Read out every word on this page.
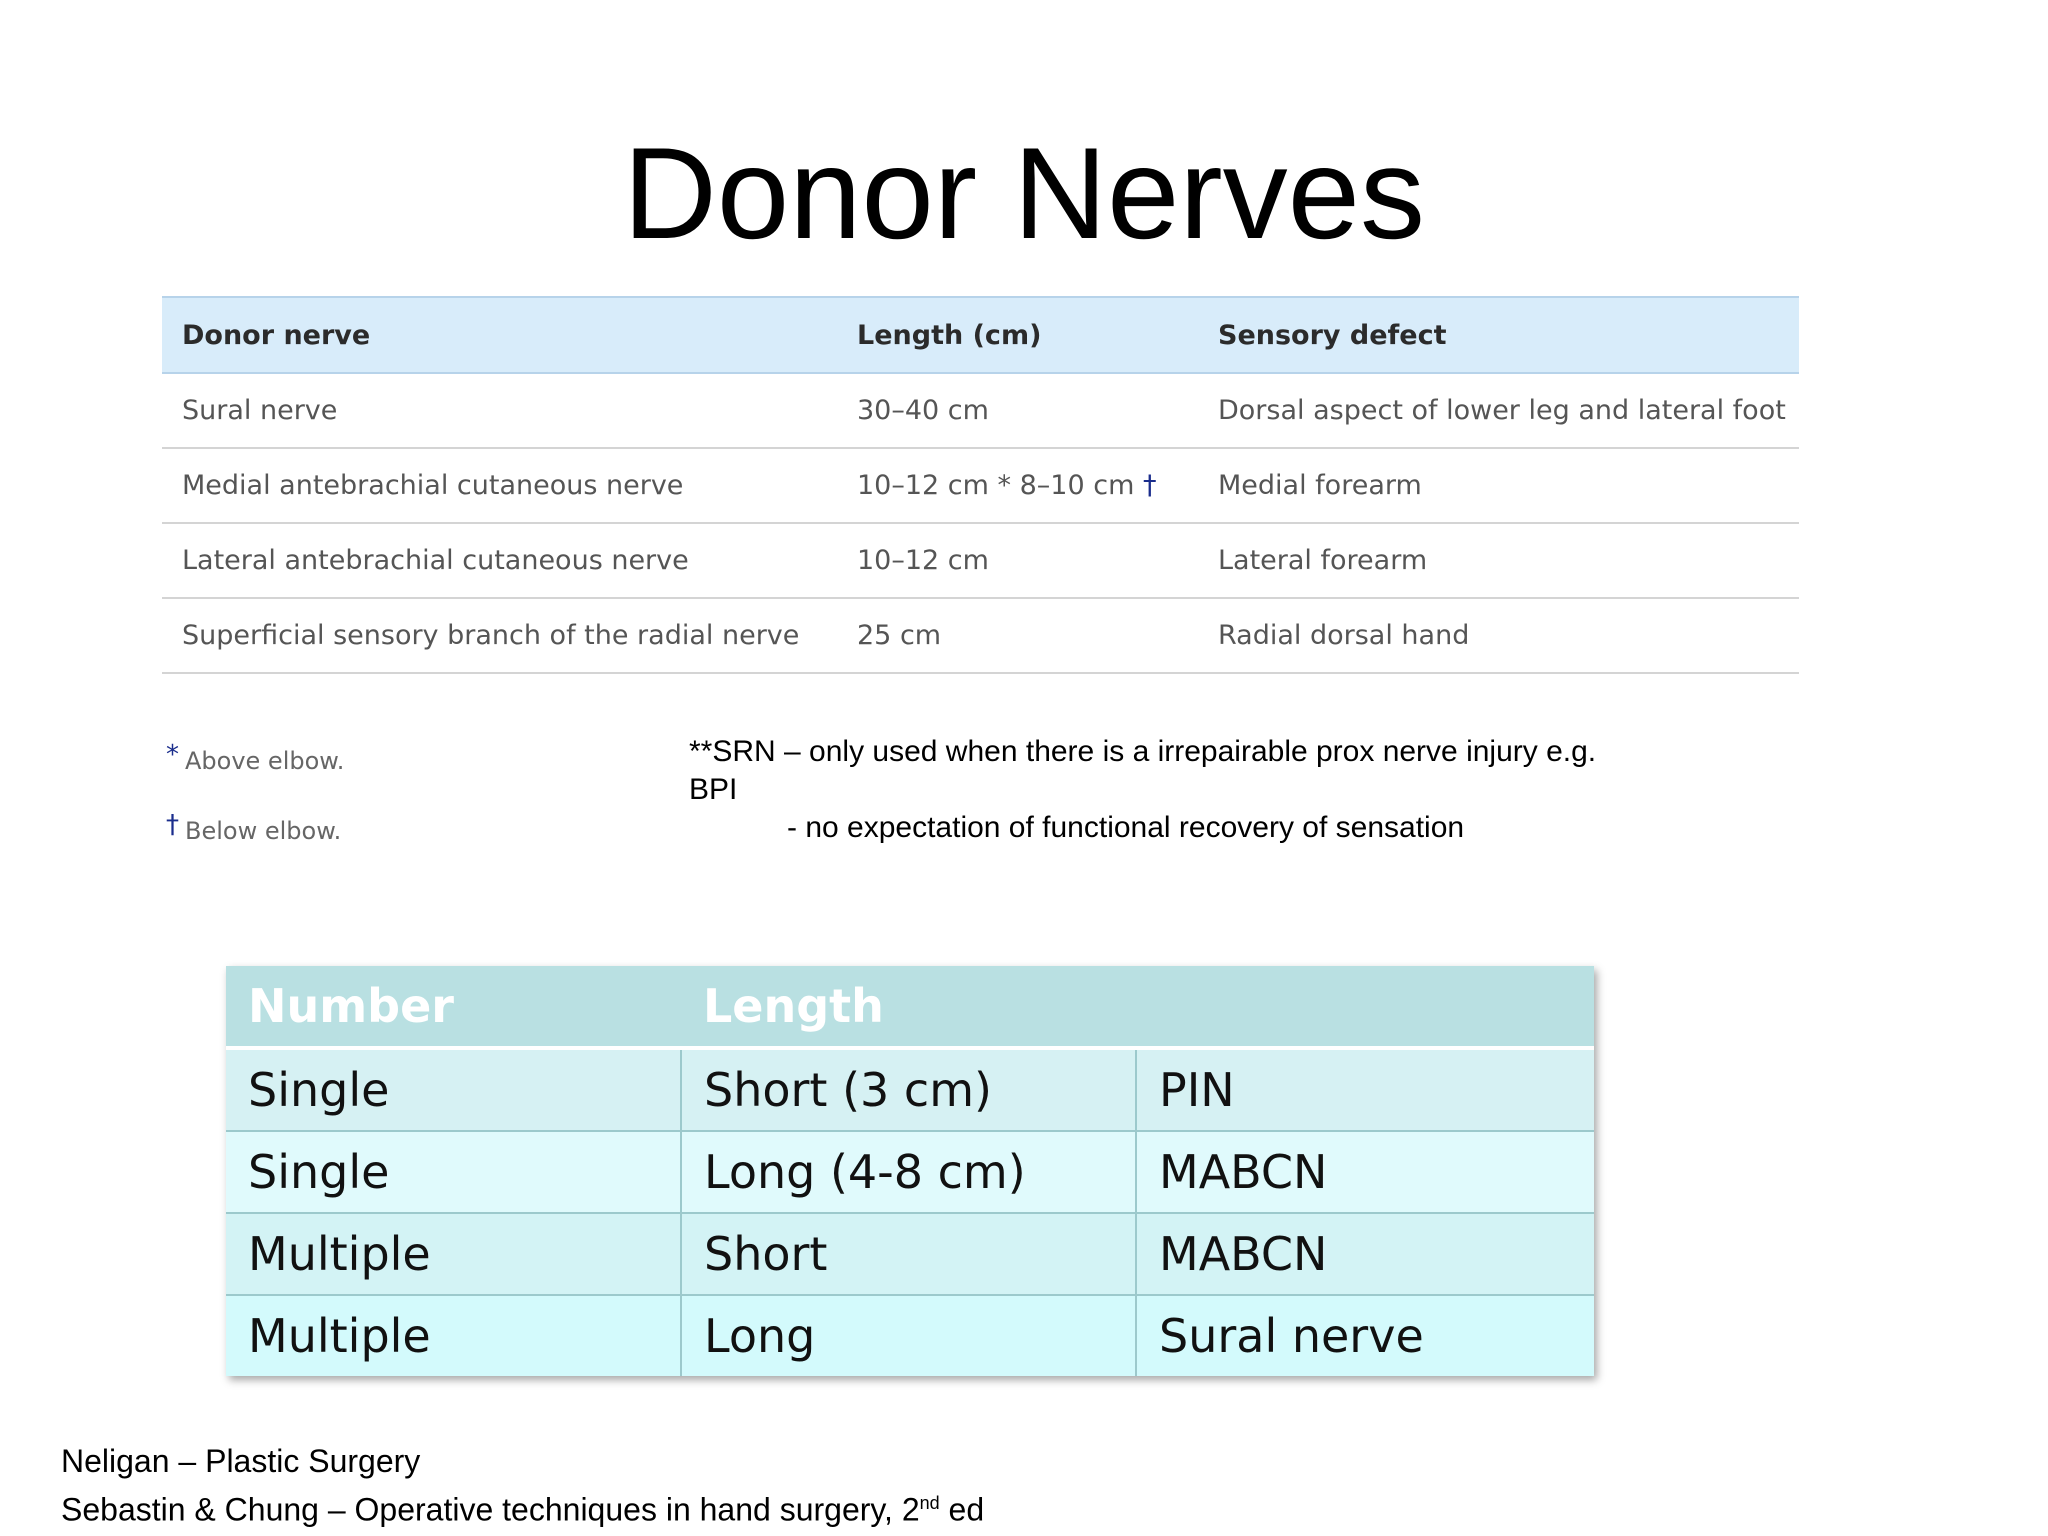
Donor Nerves
Donor nerve	Length (cm)	Sensory defect
Sural nerve	30–40 cm	Dorsal aspect of lower leg and lateral foot
Medial antebrachial cutaneous nerve	10–12 cm * 8–10 cm †	Medial forearm
Lateral antebrachial cutaneous nerve	10–12 cm	Lateral forearm
Superficial sensory branch of the radial nerve	25 cm	Radial dorsal hand
* Above elbow.
† Below elbow.
**SRN – only used when there is a irrepairable prox nerve injury e.g. BPI
- no expectation of functional recovery of sensation
Number	Length	
Single	Short (3 cm)	PIN
Single	Long (4-8 cm)	MABCN
Multiple	Short	MABCN
Multiple	Long	Sural nerve
Neligan – Plastic Surgery
Sebastin & Chung – Operative techniques in hand surgery, 2nd ed
